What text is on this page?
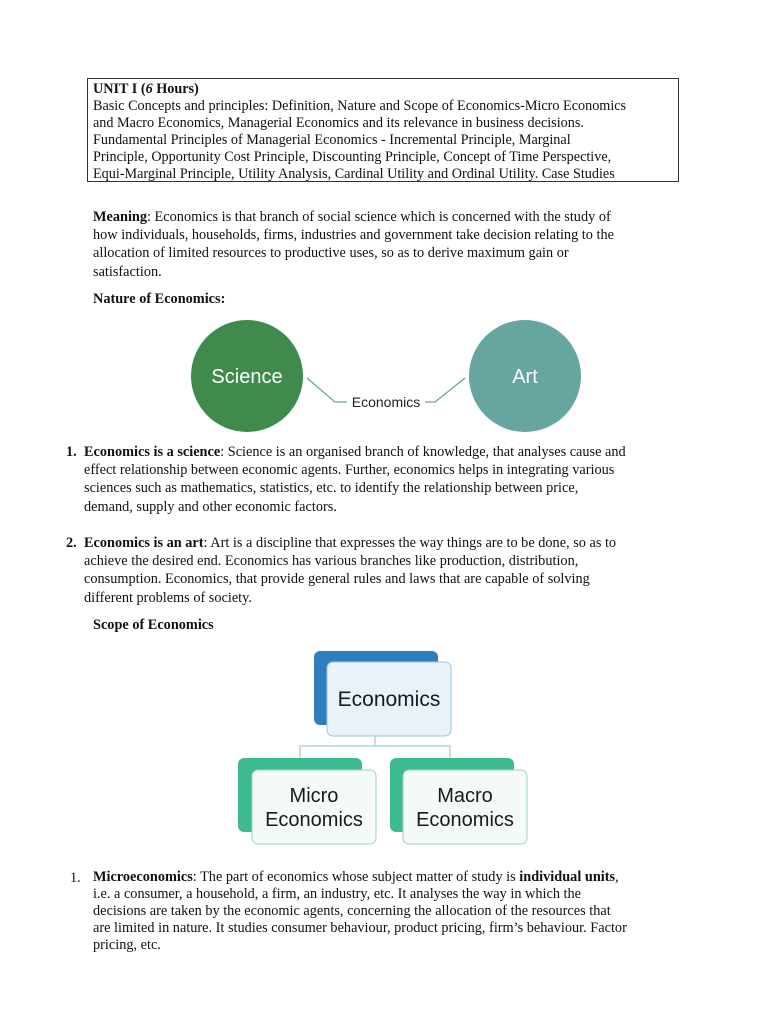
UNIT I (6 Hours)
Basic Concepts and principles: Definition, Nature and Scope of Economics-Micro Economics
and Macro Economics, Managerial Economics and its relevance in business decisions.
Fundamental Principles of Managerial Economics - Incremental Principle, Marginal
Principle, Opportunity Cost Principle, Discounting Principle, Concept of Time Perspective,
Equi-Marginal Principle, Utility Analysis, Cardinal Utility and Ordinal Utility. Case Studies
Meaning: Economics is that branch of social science which is concerned with the study of
how individuals, households, firms, industries and government take decision relating to the
allocation of limited resources to productive uses, so as to derive maximum gain or
satisfaction.
Nature of Economics:
Science	Art
Economics
1. Economics is a science: Science is an organised branch of knowledge, that analyses cause and
effect relationship between economic agents. Further, economics helps in integrating various
sciences such as mathematics, statistics, etc. to identify the relationship between price,
demand, supply and other economic factors.
2. Economics is an art: Art is a discipline that expresses the way things are to be done, so as to
achieve the desired end. Economics has various branches like production, distribution,
consumption. Economics, that provide general rules and laws that are capable of solving
different problems of society.
Scope of Economics
Economics
Micro
Economics
Macro
Economics
1. Microeconomics: The part of economics whose subject matter of study is individual units,
i.e. a consumer, a household, a firm, an industry, etc. It analyses the way in which the
decisions are taken by the economic agents, concerning the allocation of the resources that
are limited in nature. It studies consumer behaviour, product pricing, firm’s behaviour. Factor
pricing, etc.
